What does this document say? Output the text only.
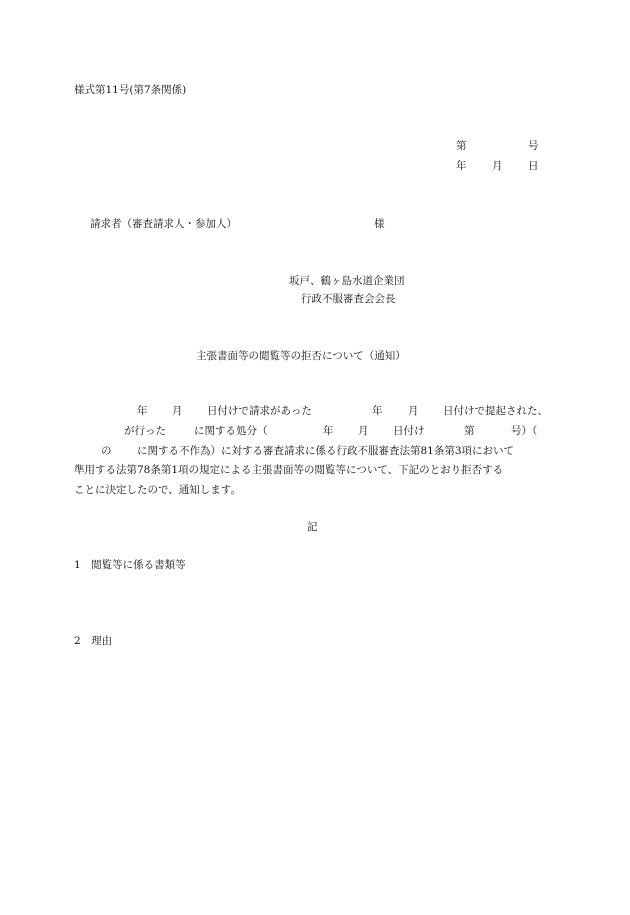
様式第11号(第7条関係)
第	号
年 月 日
請求者（審査請求人・参加人）	様
坂戸、鶴ヶ島水道企業団
行政不服審査会会長
主張書面等の閲覧等の拒否について（通知）
年 月 日付けで請求があった	年 月 日付けで提起された、
が行った	に関する処分（	年 月 日付け	第	号）（
の に関する不作為）に対する審査請求に係る行政不服審査法第81条第3項において
準用する法第78条第1項の規定による主張書面等の閲覧等について、下記のとおり拒否する
ことに決定したので、通知します。
記
1　閲覧等に係る書類等
2　理由
